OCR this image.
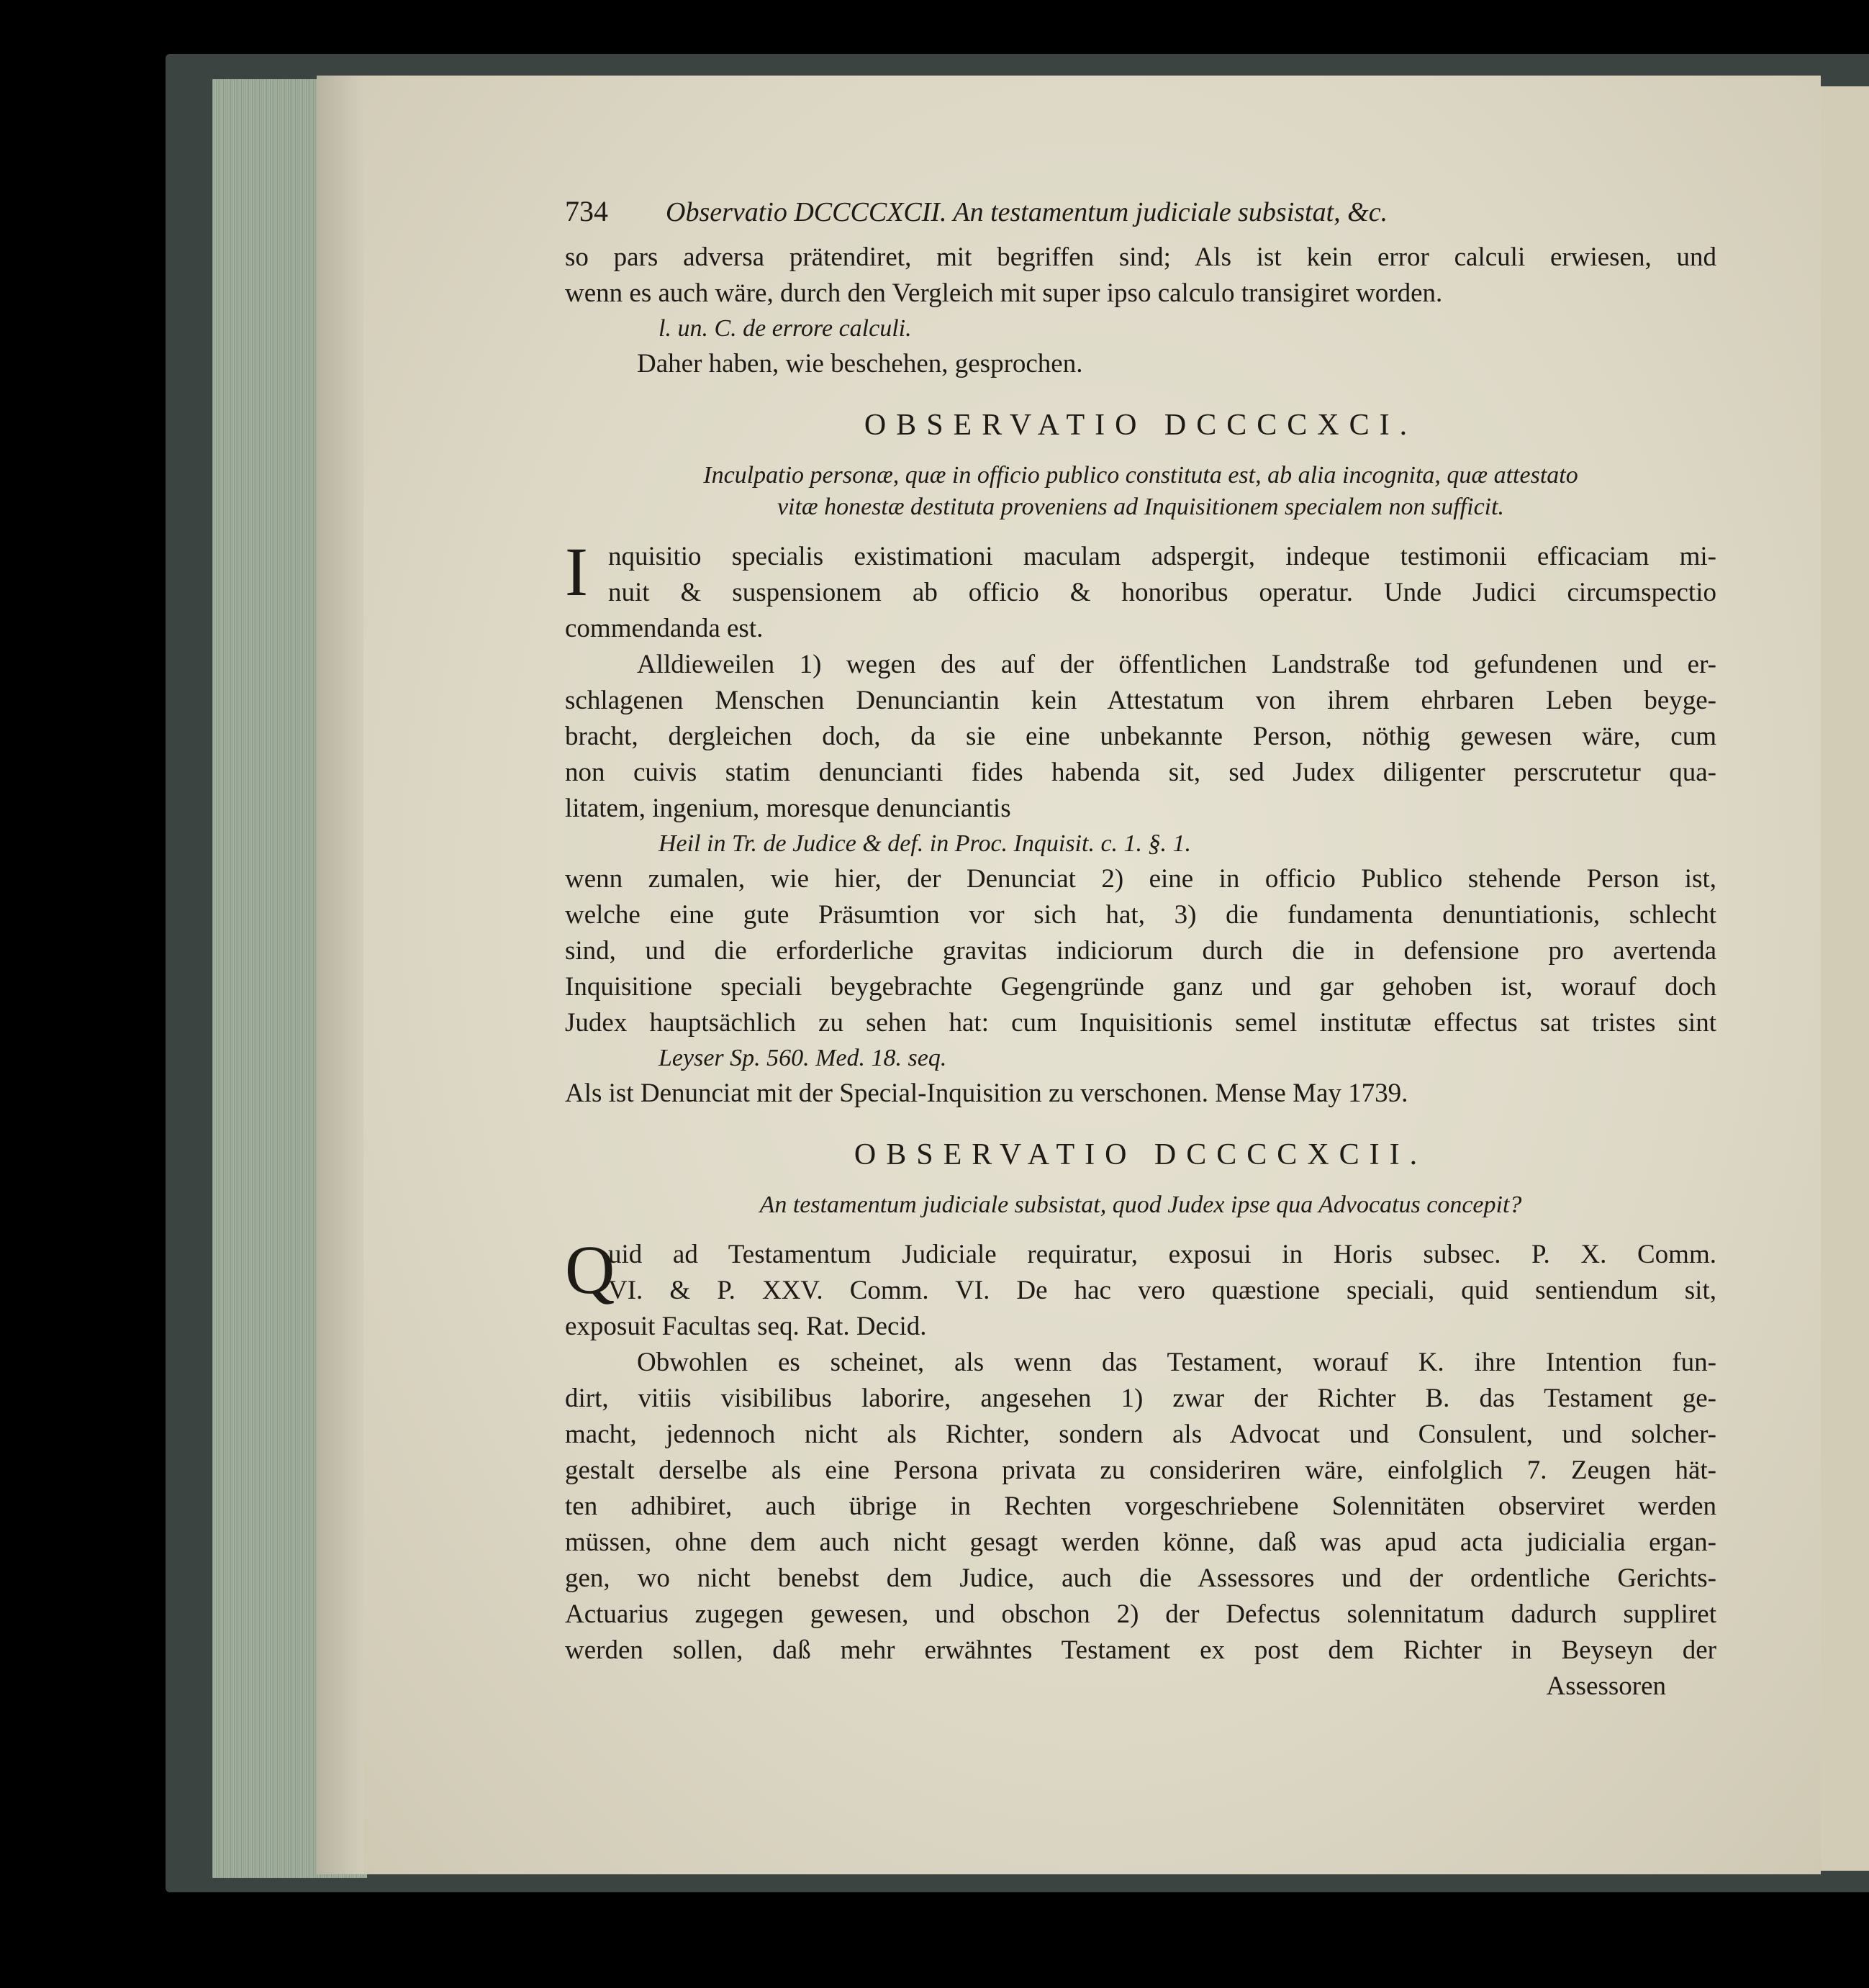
734 Observatio DCCCCXCII. An testamentum judiciale subsistat, &c.
so pars adversa prätendiret, mit begriffen sind; Als ist kein error calculi erwiesen, und
wenn es auch wäre, durch den Vergleich mit super ipso calculo transigiret worden.
l. un. C. de errore calculi.
Daher haben, wie beschehen, gesprochen.
OBSERVATIO DCCCCXCI.
Inculpatio personæ, quæ in officio publico constituta est, ab alia incognita, quæ attestato
vitæ honestæ destituta proveniens ad Inquisitionem specialem non sufficit.
I nquisitio specialis existimationi maculam adspergit, indeque testimonii efficaciam mi-
nuit & suspensionem ab officio & honoribus operatur. Unde Judici circumspectio
commendanda est.
Alldieweilen 1) wegen des auf der öffentlichen Landstraße tod gefundenen und er-
schlagenen Menschen Denunciantin kein Attestatum von ihrem ehrbaren Leben beyge-
bracht, dergleichen doch, da sie eine unbekannte Person, nöthig gewesen wäre, cum
non cuivis statim denuncianti fides habenda sit, sed Judex diligenter perscrutetur qua-
litatem, ingenium, moresque denunciantis
Heil in Tr. de Judice & def. in Proc. Inquisit. c. 1. §. 1.
wenn zumalen, wie hier, der Denunciat 2) eine in officio Publico stehende Person ist,
welche eine gute Präsumtion vor sich hat, 3) die fundamenta denuntiationis, schlecht
sind, und die erforderliche gravitas indiciorum durch die in defensione pro avertenda
Inquisitione speciali beygebrachte Gegengründe ganz und gar gehoben ist, worauf doch
Judex hauptsächlich zu sehen hat: cum Inquisitionis semel institutæ effectus sat tristes sint
Leyser Sp. 560. Med. 18. seq.
Als ist Denunciat mit der Special-Inquisition zu verschonen. Mense May 1739.
OBSERVATIO DCCCCXCII.
An testamentum judiciale subsistat, quod Judex ipse qua Advocatus concepit?
Q
uid ad Testamentum Judiciale requiratur, exposui in Horis subsec. P. X. Comm.
VI. & P. XXV. Comm. VI. De hac vero quæstione speciali, quid sentiendum sit,
exposuit Facultas seq. Rat. Decid.
Obwohlen es scheinet, als wenn das Testament, worauf K. ihre Intention fun-
dirt, vitiis visibilibus laborire, angesehen 1) zwar der Richter B. das Testament ge-
macht, jedennoch nicht als Richter, sondern als Advocat und Consulent, und solcher-
gestalt derselbe als eine Persona privata zu consideriren wäre, einfolglich 7. Zeugen hät-
ten adhibiret, auch übrige in Rechten vorgeschriebene Solennitäten observiret werden
müssen, ohne dem auch nicht gesagt werden könne, daß was apud acta judicialia ergan-
gen, wo nicht benebst dem Judice, auch die Assessores und der ordentliche Gerichts-
Actuarius zugegen gewesen, und obschon 2) der Defectus solennitatum dadurch suppliret
werden sollen, daß mehr erwähntes Testament ex post dem Richter in Beyseyn der
Assessoren
